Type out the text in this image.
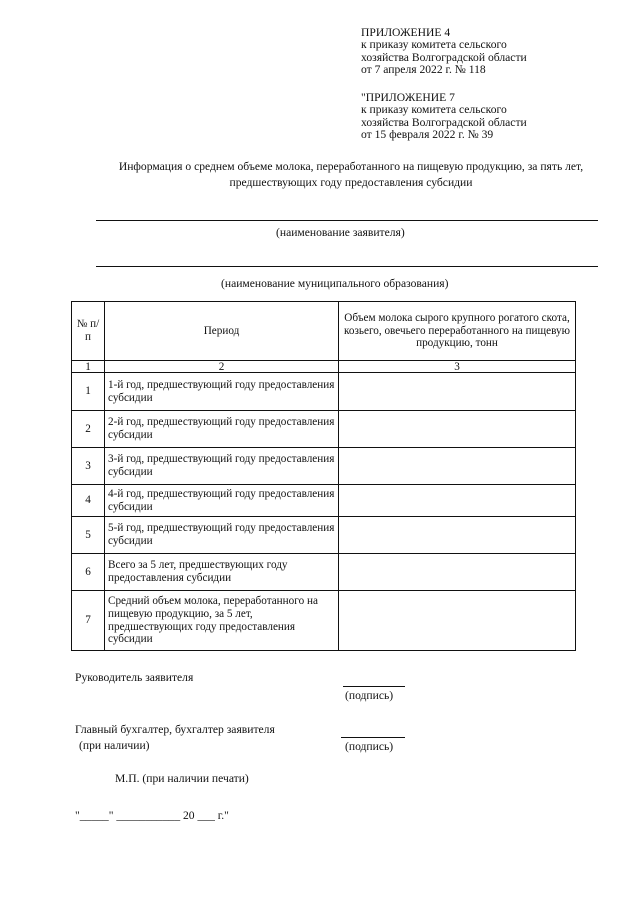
ПРИЛОЖЕНИЕ 4
к приказу комитета сельского
хозяйства Волгоградской области
от 7 апреля 2022 г. № 118
"ПРИЛОЖЕНИЕ 7
к приказу комитета сельского
хозяйства Волгоградской области
от 15 февраля 2022 г. № 39
Информация о среднем объеме молока, переработанного на пищевую продукцию, за пять лет, предшествующих году предоставления субсидии
(наименование заявителя)
(наименование муниципального образования)
№ п/п	Период	Объем молока сырого крупного рогатого скота, козьего, овечьего переработанного на пищевую продукцию, тонн
1	2	3
1	1-й год, предшествующий году предоставления субсидии	
2	2-й год, предшествующий году предоставления субсидии	
3	3-й год, предшествующий году предоставления субсидии	
4	4-й год, предшествующий году предоставления субсидии	
5	5-й год, предшествующий году предоставления субсидии	
6	Всего за 5 лет, предшествующих году предоставления субсидии	
7	Средний объем молока, переработанного на пищевую продукцию, за 5 лет, предшествующих году предоставления субсидии	
Руководитель заявителя
(подпись)
Главный бухгалтер, бухгалтер заявителя
(при наличии)	(подпись)
М.П. (при наличии печати)
"_____" ___________ 20 ___ г."
